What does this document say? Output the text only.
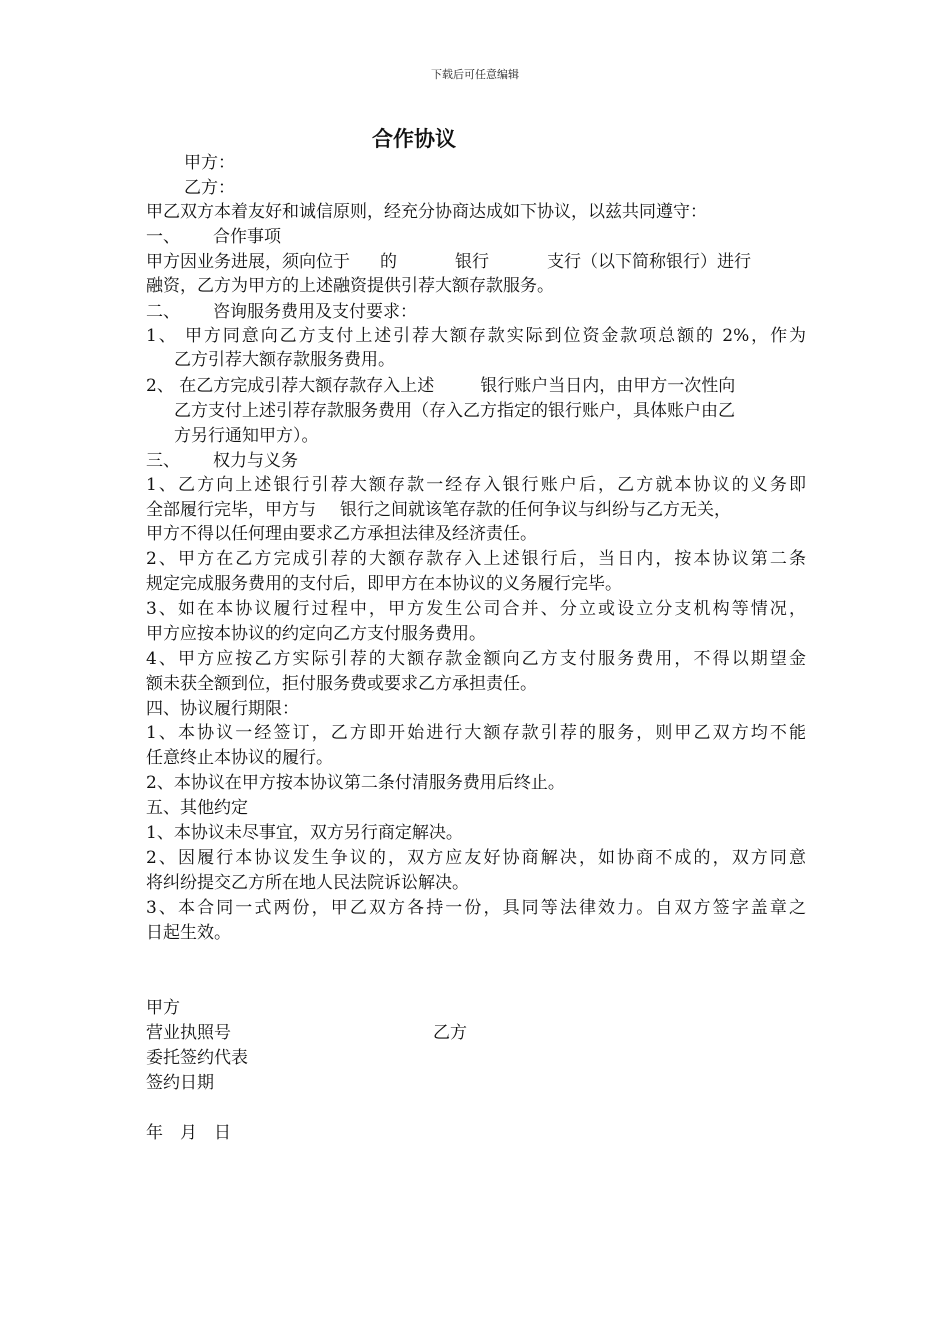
下载后可任意编辑
合作协议
甲方：
乙方：
甲乙双方本着友好和诚信原则，经充分协商达成如下协议，以兹共同遵守：
一、 合作事项
甲方因业务进展，须向位于 的	银行	支行（以下简称银行）进行
融资，乙方为甲方的上述融资提供引荐大额存款服务。
二、 咨询服务费用及支付要求：
1、 甲方同意向乙方支付上述引荐大额存款实际到位资金款项总额的 2%，作为
乙方引荐大额存款服务费用。
2、 在乙方完成引荐大额存款存入上述	银行账户当日内，由甲方一次性向
乙方支付上述引荐存款服务费用（存入乙方指定的银行账户，具体账户由乙
方另行通知甲方）。
三、 权力与义务
1、乙方向上述银行引荐大额存款一经存入银行账户后，乙方就本协议的义务即
全部履行完毕，甲方与 银行之间就该笔存款的任何争议与纠纷与乙方无关，
甲方不得以任何理由要求乙方承担法律及经济责任。
2、甲方在乙方完成引荐的大额存款存入上述银行后，当日内，按本协议第二条
规定完成服务费用的支付后，即甲方在本协议的义务履行完毕。
3、如在本协议履行过程中，甲方发生公司合并、分立或设立分支机构等情况，
甲方应按本协议的约定向乙方支付服务费用。
4、甲方应按乙方实际引荐的大额存款金额向乙方支付服务费用，不得以期望金
额未获全额到位，拒付服务费或要求乙方承担责任。
四、协议履行期限：
1、本协议一经签订，乙方即开始进行大额存款引荐的服务，则甲乙双方均不能
任意终止本协议的履行。
2、本协议在甲方按本协议第二条付清服务费用后终止。
五、其他约定
1、本协议未尽事宜，双方另行商定解决。
2、因履行本协议发生争议的，双方应友好协商解决，如协商不成的，双方同意
将纠纷提交乙方所在地人民法院诉讼解决。
3、本合同一式两份，甲乙双方各持一份，具同等法律效力。自双方签字盖章之
日起生效。
甲方
营业执照号	乙方
委托签约代表
签约日期
年　月　日
